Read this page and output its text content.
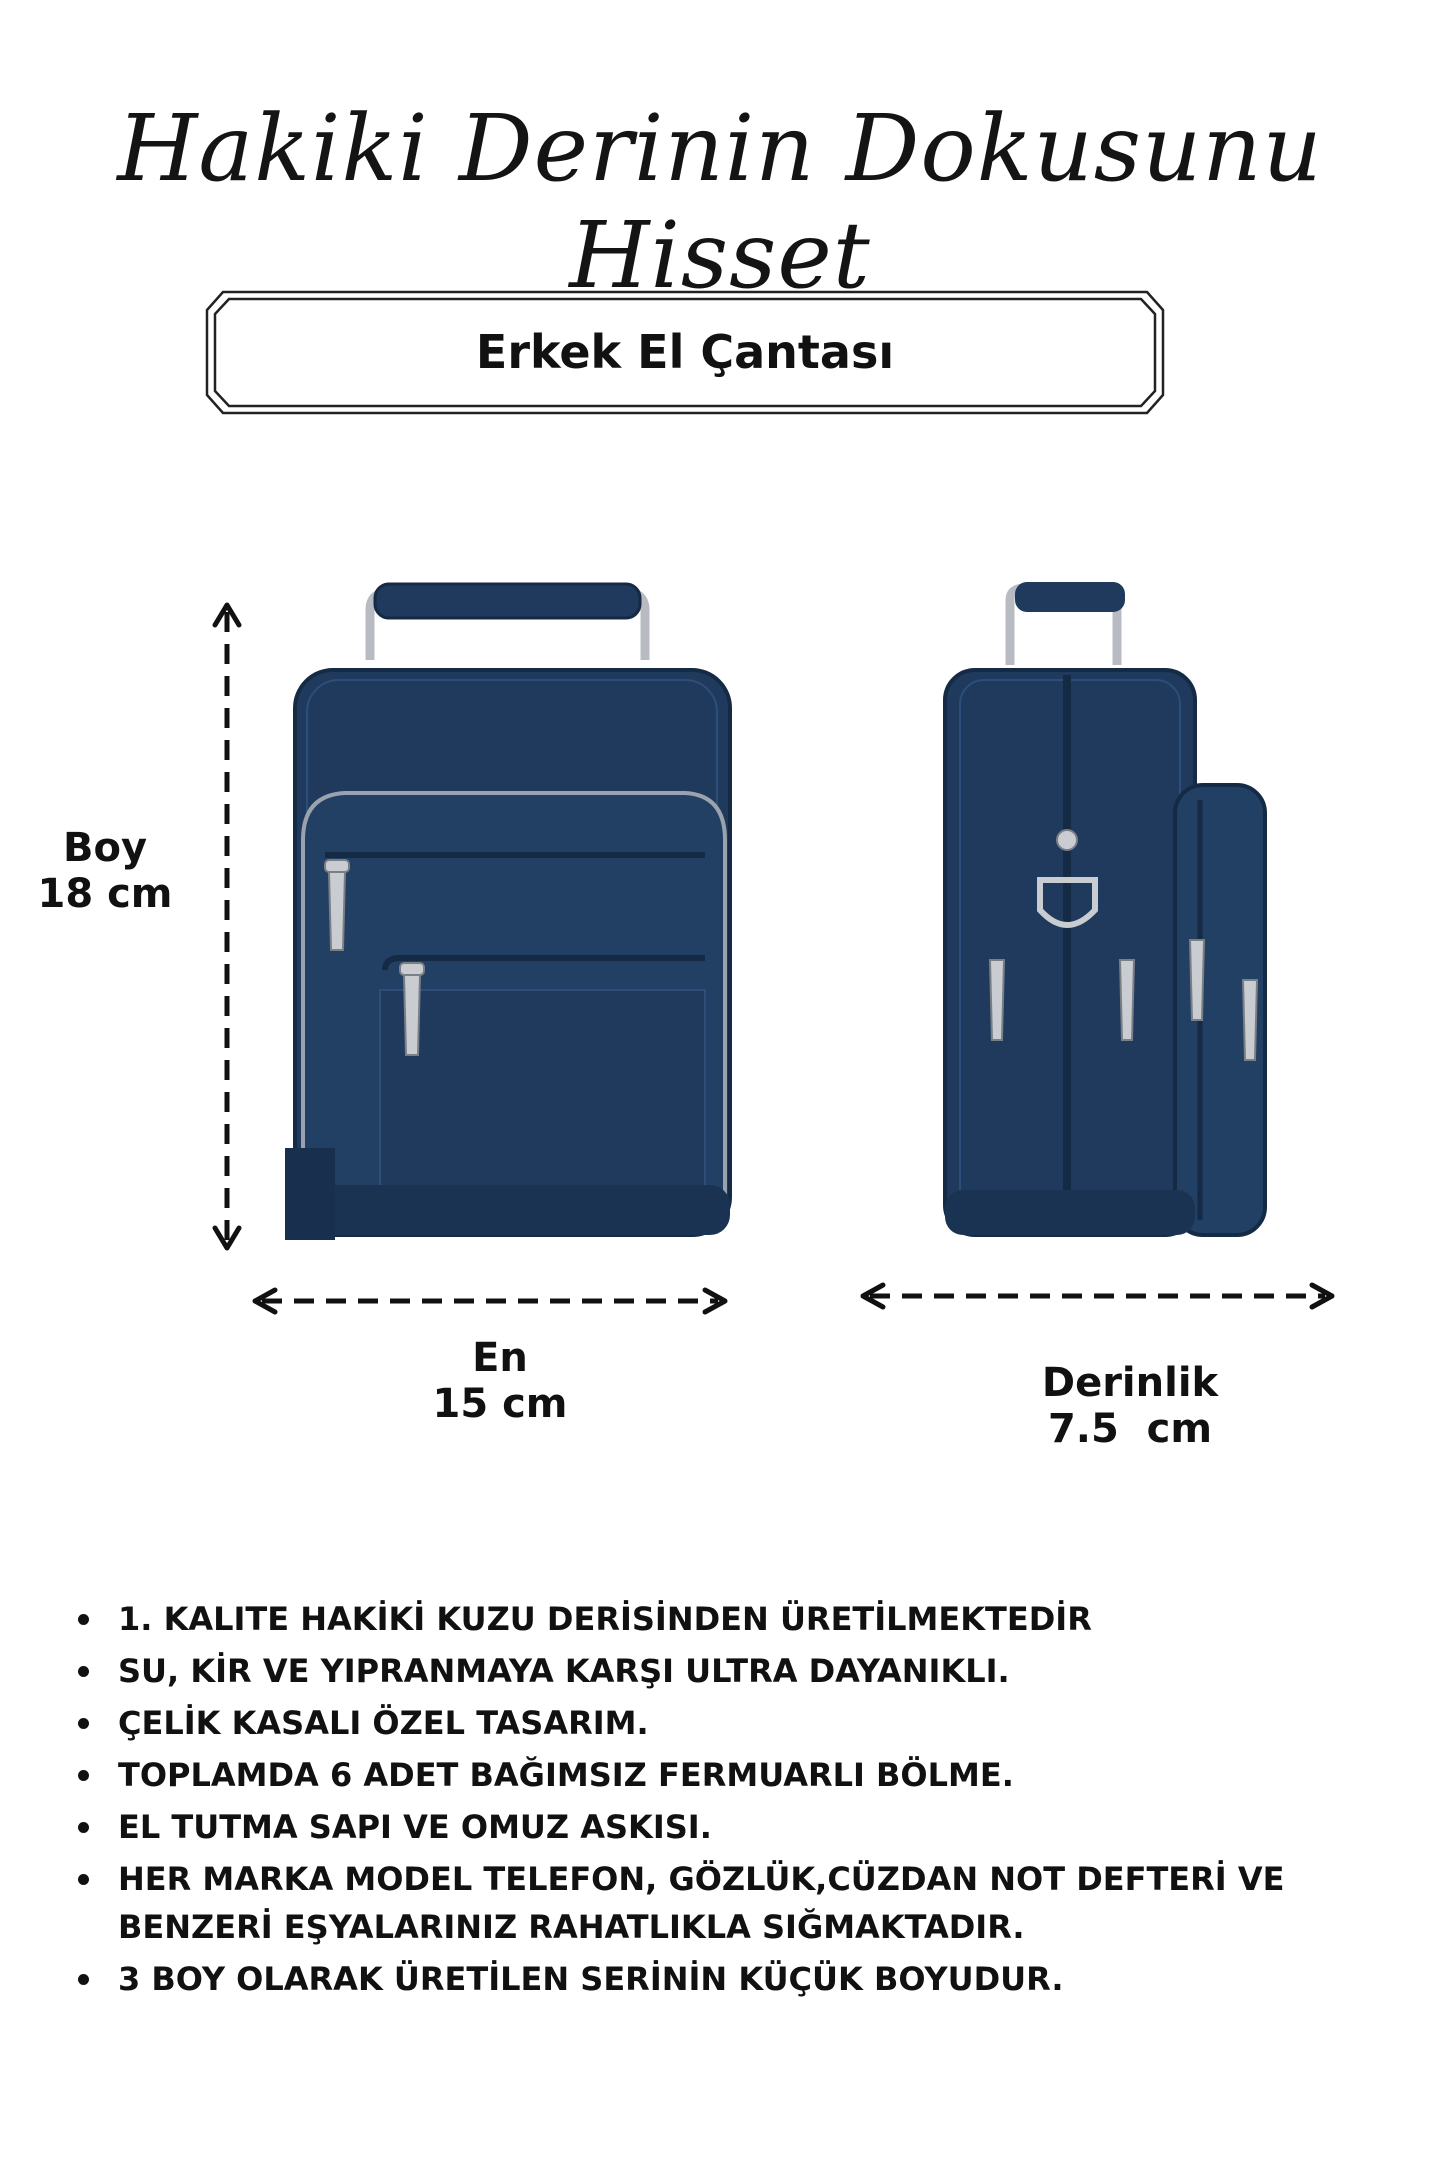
Hakiki Derinin Dokusunu Hisset
Erkek El Çantası
Boy
18 cm
En
15 cm	Derinlik
7.5  cm
1. KALITE HAKİKİ KUZU DERİSİNDEN ÜRETİLMEKTEDİR
SU, KİR VE YIPRANMAYA KARŞI ULTRA DAYANIKLI.
ÇELİK KASALI ÖZEL TASARIM.
TOPLAMDA 6 ADET BAĞIMSIZ FERMUARLI BÖLME.
EL TUTMA SAPI VE OMUZ ASKISI.
HER MARKA MODEL TELEFON, GÖZLÜK,CÜZDAN NOT DEFTERİ VE BENZERİ EŞYALARINIZ RAHATLIKLA SIĞMAKTADIR.
3 BOY OLARAK ÜRETİLEN SERİNİN KÜÇÜK BOYUDUR.
